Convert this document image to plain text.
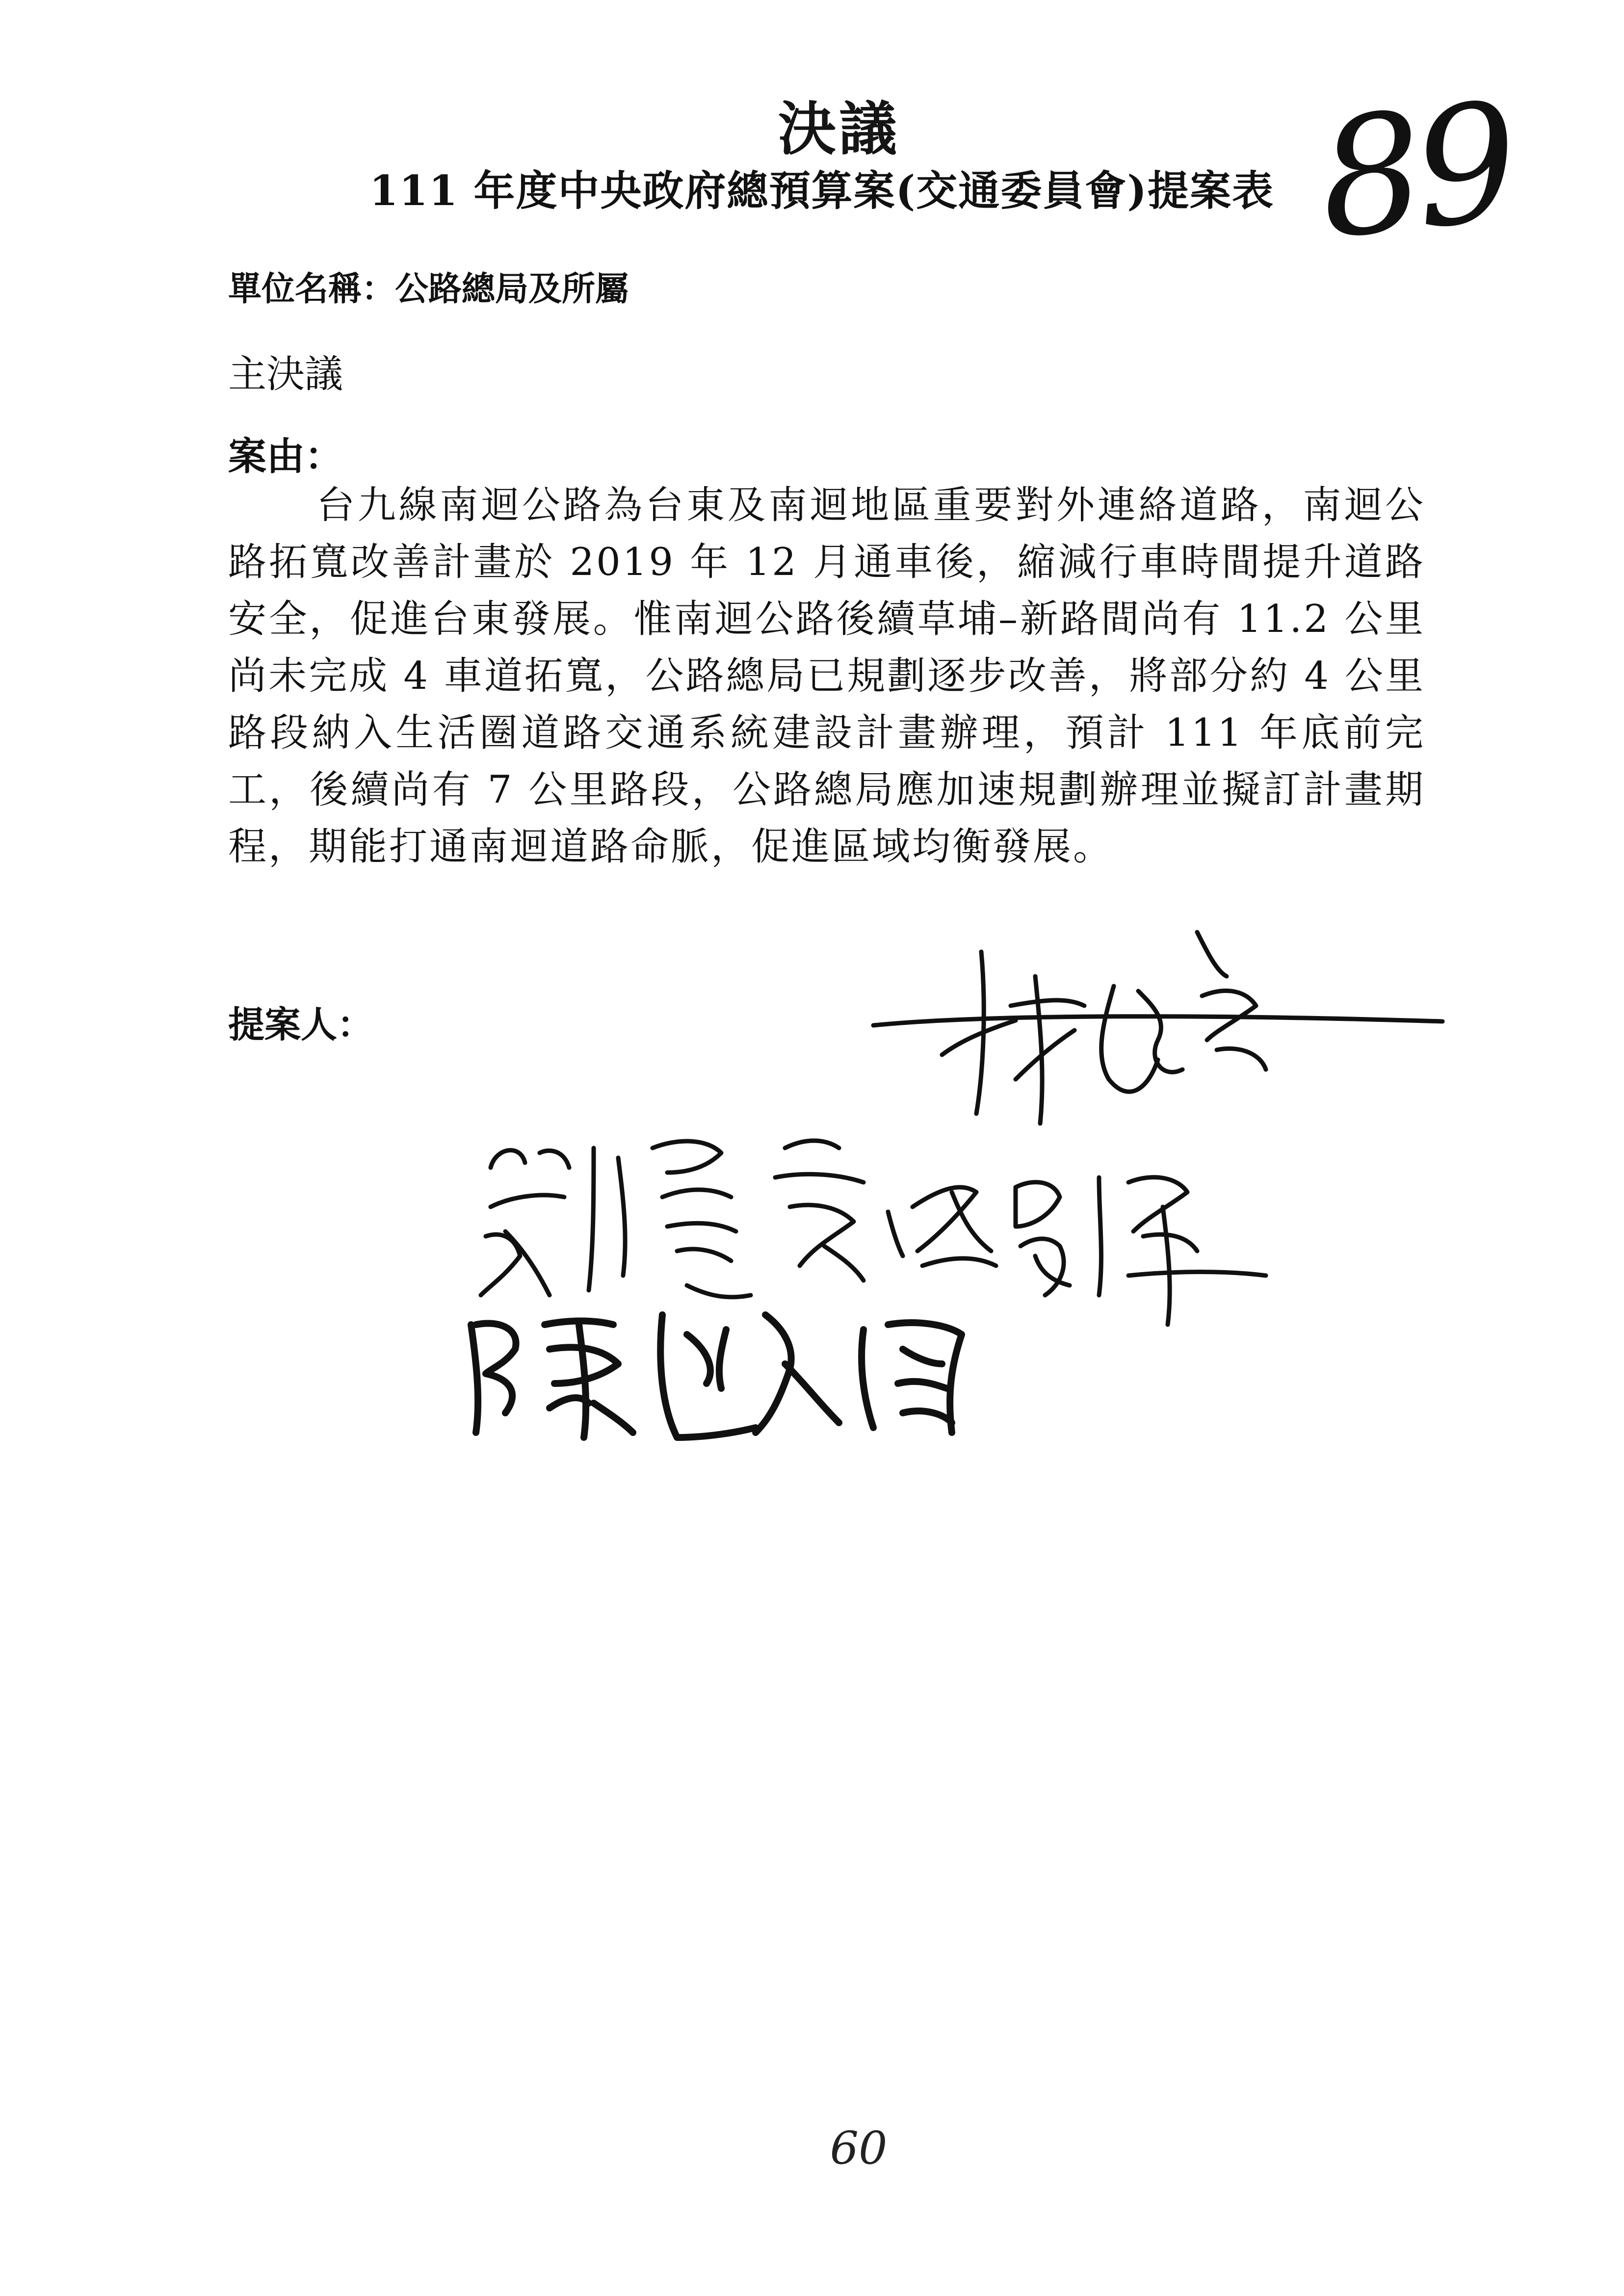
決議
111 年度中央政府總預算案(交通委員會)提案表 89
單位名稱：公路總局及所屬
主決議
案由：
台九線南迴公路為台東及南迴地區重要對外連絡道路，南迴公路拓寬改善計畫於 2019 年 12 月通車後，縮減行車時間提升道路安全，促進台東發展。惟南迴公路後續草埔–新路間尚有 11.2 公里尚未完成 4 車道拓寬，公路總局已規劃逐步改善，將部分約 4 公里路段納入生活圈道路交通系統建設計畫辦理，預計 111 年底前完工，後續尚有 7 公里路段，公路總局應加速規劃辦理並擬訂計畫期程，期能打通南迴道路命脈，促進區域均衡發展。
提案人：
60
